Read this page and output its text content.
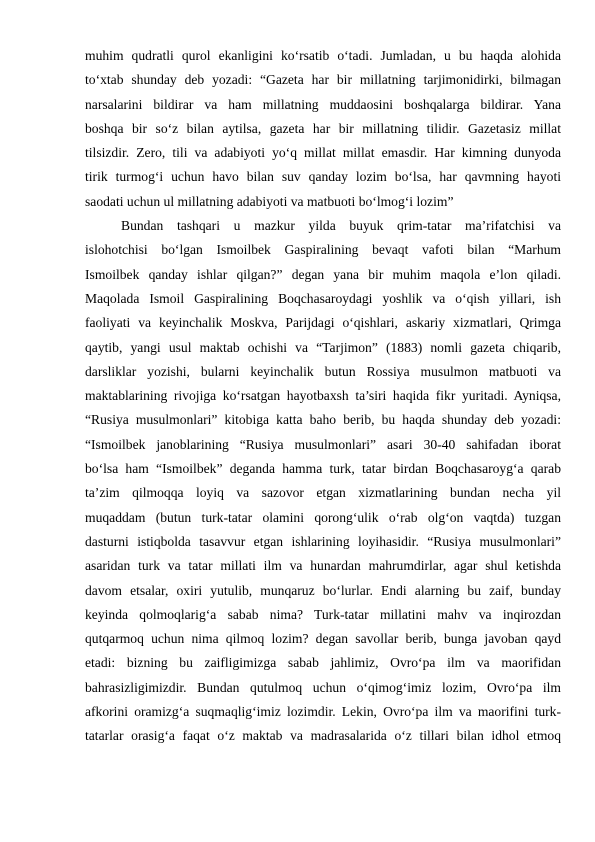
muhim qudratli qurol ekanligini ko‘rsatib o‘tadi. Jumladan, u bu haqda alohida
to‘xtab shunday deb yozadi: “Gazeta har bir millatning tarjimonidirki, bilmagan
narsalarini bildirar va ham millatning muddaosini boshqalarga bildirar. Yana
boshqa bir so‘z bilan aytilsa, gazeta har bir millatning tilidir. Gazetasiz millat
tilsizdir. Zero, tili va adabiyoti yo‘q millat millat emasdir. Har kimning dunyoda
tirik turmog‘i uchun havo bilan suv qanday lozim bo‘lsa, har qavmning hayoti
saodati uchun ul millatning adabiyoti va matbuoti bo‘lmog‘i lozim”
Bundan tashqari u mazkur yilda buyuk qrim-tatar ma’rifatchisi va
islohotchisi bo‘lgan Ismoilbek Gaspiralining bevaqt vafoti bilan “Marhum
Ismoilbek qanday ishlar qilgan?” degan yana bir muhim maqola e’lon qiladi.
Maqolada Ismoil Gaspiralining Boqchasaroydagi yoshlik va o‘qish yillari, ish
faoliyati va keyinchalik Moskva, Parijdagi o‘qishlari, askariy xizmatlari, Qrimga
qaytib, yangi usul maktab ochishi va “Tarjimon” (1883) nomli gazeta chiqarib,
darsliklar yozishi, bularni keyinchalik butun Rossiya musulmon matbuoti va
maktablarining rivojiga ko‘rsatgan hayotbaxsh ta’siri haqida fikr yuritadi. Ayniqsa,
“Rusiya musulmonlari” kitobiga katta baho berib, bu haqda shunday deb yozadi:
“Ismoilbek janoblarining “Rusiya musulmonlari” asari 30-40 sahifadan iborat
bo‘lsa ham “Ismoilbek” deganda hamma turk, tatar birdan Boqchasaroyg‘a qarab
ta’zim qilmoqqa loyiq va sazovor etgan xizmatlarining bundan necha yil
muqaddam (butun turk-tatar olamini qorong‘ulik o‘rab olg‘on vaqtda) tuzgan
dasturni istiqbolda tasavvur etgan ishlarining loyihasidir. “Rusiya musulmonlari”
asaridan turk va tatar millati ilm va hunardan mahrumdirlar, agar shul ketishda
davom etsalar, oxiri yutulib, munqaruz bo‘lurlar. Endi alarning bu zaif, bunday
keyinda qolmoqlarig‘a sabab nima? Turk-tatar millatini mahv va inqirozdan
qutqarmoq uchun nima qilmoq lozim? degan savollar berib, bunga javoban qayd
etadi: bizning bu zaifligimizga sabab jahlimiz, Ovro‘pa ilm va maorifidan
bahrasizligimizdir. Bundan qutulmoq uchun o‘qimog‘imiz lozim, Ovro‘pa ilm
afkorini oramizg‘a suqmaqlig‘imiz lozimdir. Lekin, Ovro‘pa ilm va maorifini turk-
tatarlar orasig‘a faqat o‘z maktab va madrasalarida o‘z tillari bilan idhol etmoq
